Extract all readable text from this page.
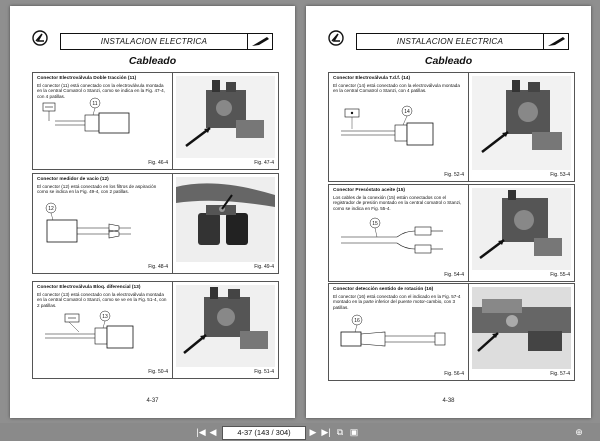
INSTALACION ELECTRICA
Cableado
Conector Electroválvula Doble tracción (11)
El conector (11) está conectado con la electroválvula montada en la central Comatrol o Stanzi, como se indica en la Fig. 47-4, con 4 patillas.
11
Fig. 46-4	Fig. 47-4
Conector medidor de vacío (12)
El conector (12) está conectado en los filtros de aspiración como se indica en la Fig. 49-4, con 2 patillas.
12
Fig. 48-4	Fig. 49-4
Conector Electroválvula Bloq. diferencial (13)
El conector (13) está conectado con la electroválvula montada en la central Comatrol o Stanzi, como se ve en la Fig. 51-4, con 2 patillas.
13
Fig. 50-4	Fig. 51-4
4-37
INSTALACION ELECTRICA
Cableado
Conector Electroválvula T.d.f. (14)
El conector (14) está conectado con la electroválvula montada en la central Comatrol o Stanzi, con 4 patillas.
14
Fig. 52-4	Fig. 53-4
Conector Presóstato aceite (15)
Los cables de la conexión (15) están conectados con el registrador de presión montado en la central comatrol o Stanzi, como se indica en Fig. 55-4.
15
Fig. 54-4	Fig. 55-4
Conector detección sentido de rotación (16)
El conector (16) está conectado con el indicado en la Fig. 57-4 montado en la parte inferior del puente motor-cambio, con 3 patillas.
16
Fig. 56-4	Fig. 57-4
4-38
|◀ ◀	4-37 (143 / 304)	▶ ▶| ⧉ ▣	⊕
